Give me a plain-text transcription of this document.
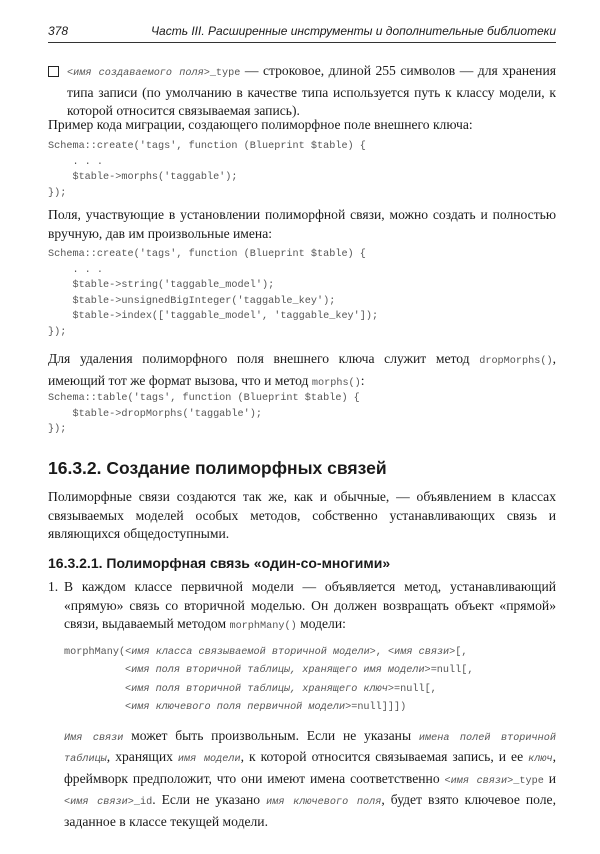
378	Часть III. Расширенные инструменты и дополнительные библиотеки

<имя создаваемого поля>_type — строковое, длиной 255 символов — для хранения типа записи (по умолчанию в качестве типа используется путь к классу модели, к которой относится связываемая запись).

Пример кода миграции, создающего полиморфное поле внешнего ключа:

Schema::create('tags', function (Blueprint $table) {
. . .
$table->morphs('taggable');
});

Поля, участвующие в установлении полиморфной связи, можно создать и полностью вручную, дав им произвольные имена:

Schema::create('tags', function (Blueprint $table) {
. . .
$table->string('taggable_model');
$table->unsignedBigInteger('taggable_key');
$table->index(['taggable_model', 'taggable_key']);
});

Для удаления полиморфного поля внешнего ключа служит метод dropMorphs(), имеющий тот же формат вызова, что и метод morphs():

Schema::table('tags', function (Blueprint $table) {
$table->dropMorphs('taggable');
});
16.3.2. Создание полиморфных связей

Полиморфные связи создаются так же, как и обычные, — объявлением в классах связываемых моделей особых методов, собственно устанавливающих связь и являющихся общедоступными.

16.3.2.1. Полиморфная связь «один-со-многими»
1. В каждом классе первичной модели — объявляется метод, устанавливающий «прямую» связь со вторичной моделью. Он должен возвращать объект «прямой» связи, выдаваемый методом morphMany() модели:

morphMany(<имя класса связываемой вторичной модели>, <имя связи>[,
<имя поля вторичной таблицы, хранящего имя модели>=null[,
<имя поля вторичной таблицы, хранящего ключ>=null[,
<имя ключевого поля первичной модели>=null]]])

Имя связи может быть произвольным. Если не указаны имена полей вторичной таблицы, хранящих имя модели, к которой относится связываемая запись, и ее ключ, фреймворк предположит, что они имеют имена соответственно <имя связи>_type и <имя связи>_id. Если не указано имя ключевого поля, будет взято ключевое поле, заданное в классе текущей модели.
